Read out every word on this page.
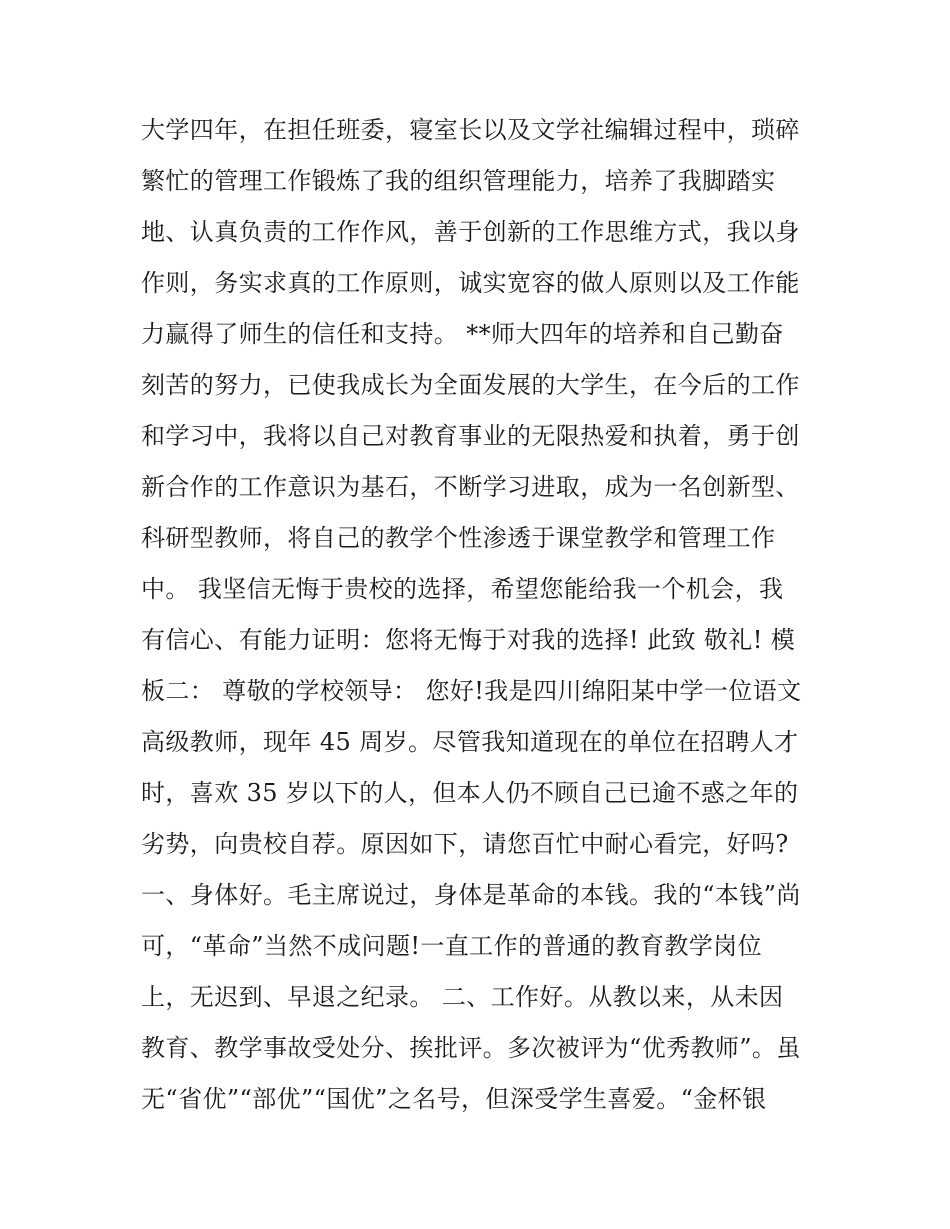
大学四年，在担任班委，寝室长以及文学社编辑过程中，琐碎
繁忙的管理工作锻炼了我的组织管理能力，培养了我脚踏实
地、认真负责的工作作风，善于创新的工作思维方式，我以身
作则，务实求真的工作原则，诚实宽容的做人原则以及工作能
力赢得了师生的信任和支持。 **师大四年的培养和自己勤奋
刻苦的努力，已使我成长为全面发展的大学生，在今后的工作
和学习中，我将以自己对教育事业的无限热爱和执着，勇于创
新合作的工作意识为基石，不断学习进取，成为一名创新型、
科研型教师，将自己的教学个性渗透于课堂教学和管理工作
中。 我坚信无悔于贵校的选择，希望您能给我一个机会，我
有信心、有能力证明：您将无悔于对我的选择! 此致 敬礼! 模
板二： 尊敬的学校领导： 您好!我是四川绵阳某中学一位语文
高级教师，现年 45 周岁。尽管我知道现在的单位在招聘人才
时，喜欢 35 岁以下的人，但本人仍不顾自己已逾不惑之年的
劣势，向贵校自荐。原因如下，请您百忙中耐心看完，好吗?
一、身体好。毛主席说过，身体是革命的本钱。我的“本钱”尚
可，“革命”当然不成问题!一直工作的普通的教育教学岗位
上，无迟到、早退之纪录。 二、工作好。从教以来，从未因
教育、教学事故受处分、挨批评。多次被评为“优秀教师”。虽
无“省优”“部优”“国优”之名号，但深受学生喜爱。“金杯银
